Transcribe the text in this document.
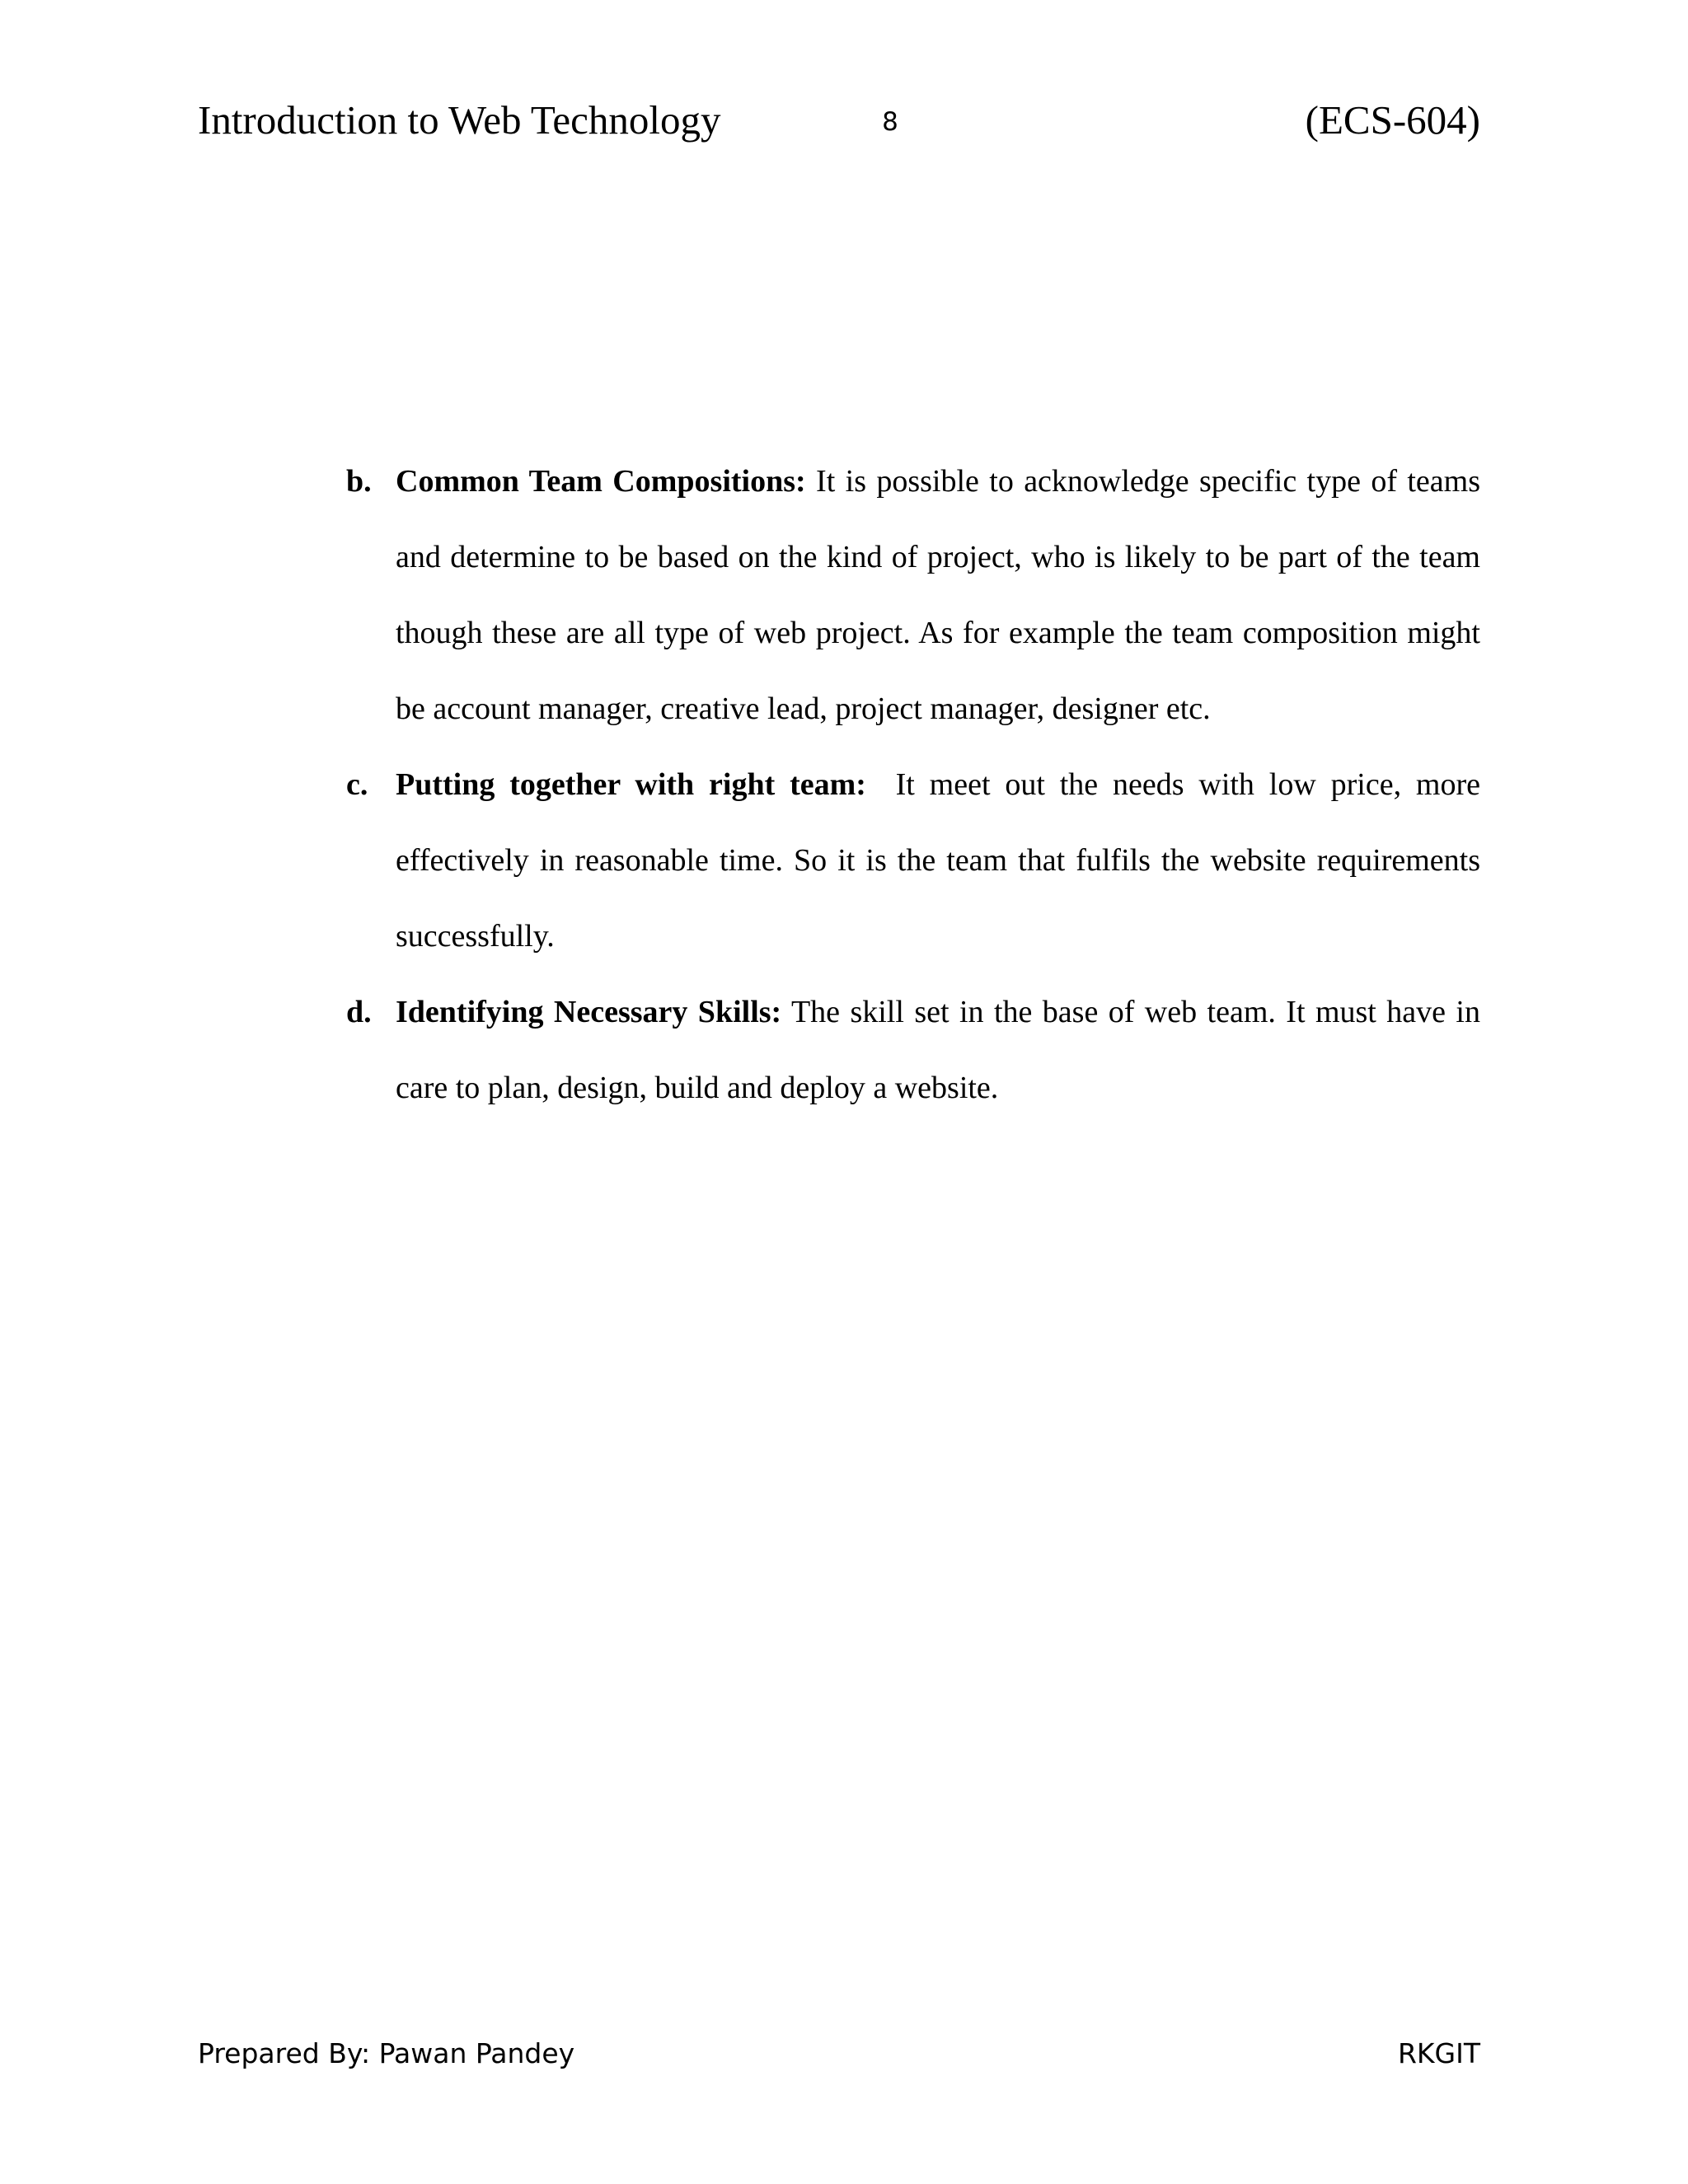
Introduction to Web Technology	8	(ECS-604)
b. Common Team Compositions: It is possible to acknowledge specific type of teams and determine to be based on the kind of project, who is likely to be part of the team though these are all type of web project. As for example the team composition might be account manager, creative lead, project manager, designer etc.
c. Putting together with right team:  It meet out the needs with low price, more effectively in reasonable time. So it is the team that fulfils the website requirements successfully.
d. Identifying Necessary Skills: The skill set in the base of web team. It must have in care to plan, design, build and deploy a website.
Prepared By: Pawan Pandey	RKGIT
